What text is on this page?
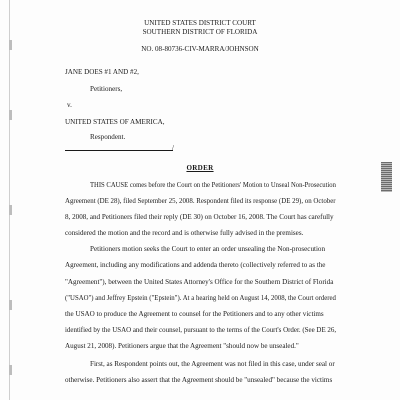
UNITED STATES DISTRICT COURT
SOUTHERN DISTRICT OF FLORIDA
NO. 08-80736-CIV-MARRA/JOHNSON
JANE DOES #1 AND #2,
Petitioners,
v.
UNITED STATES OF AMERICA,
Respondent.
/
ORDER
THIS CAUSE comes before the Court on the Petitioners' Motion to Unseal Non-Prosecution
Agreement (DE 28), filed September 25, 2008. Respondent filed its response (DE 29), on October
8, 2008, and Petitioners filed their reply (DE 30) on October 16, 2008. The Court has carefully
considered the motion and the record and is otherwise fully advised in the premises.
Petitioners motion seeks the Court to enter an order unsealing the Non-prosecution
Agreement, including any modifications and addenda thereto (collectively referred to as the
"Agreement"), between the United States Attorney's Office for the Southern District of Florida
("USAO") and Jeffrey Epstein ("Epstein"). At a hearing held on August 14, 2008, the Court ordered
the USAO to produce the Agreement to counsel for the Petitioners and to any other victims
identified by the USAO and their counsel, pursuant to the terms of the Court's Order. (See DE 26,
August 21, 2008). Petitioners argue that the Agreement "should now be unsealed."
First, as Respondent points out, the Agreement was not filed in this case, under seal or
otherwise. Petitioners also assert that the Agreement should be "unsealed" because the victims
